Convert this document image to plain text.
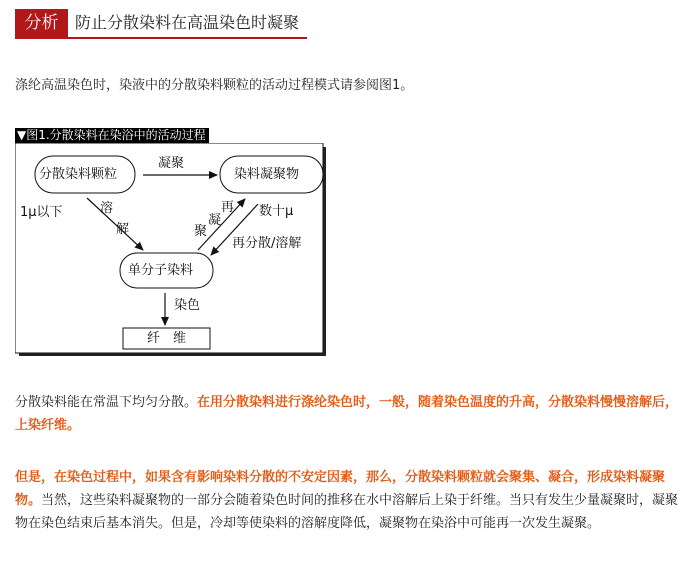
分析	防止分散染料在高温染色时凝聚
涤纶高温染色时，染液中的分散染料颗粒的活动过程模式请参阅图1。
▼图1.分散染料在染浴中的活动过程
分散染料颗粒	染料凝聚物
单分子染料
纤　维
凝聚
1μ以下	溶
解
再
凝
聚
数十μ
再分散/溶解
染色

分散染料能在常温下均匀分散。在用分散染料进行涤纶染色时，一般，随着染色温度的升高，分散染料慢慢溶解后，上染纤维。

但是，在染色过程中，如果含有影响染料分散的不安定因素，那么，分散染料颗粒就会聚集、凝合，形成染料凝聚物。当然，这些染料凝聚物的一部分会随着染色时间的推移在水中溶解后上染于纤维。当只有发生少量凝聚时，凝聚物在染色结束后基本消失。但是，冷却等使染料的溶解度降低，凝聚物在染浴中可能再一次发生凝聚。
